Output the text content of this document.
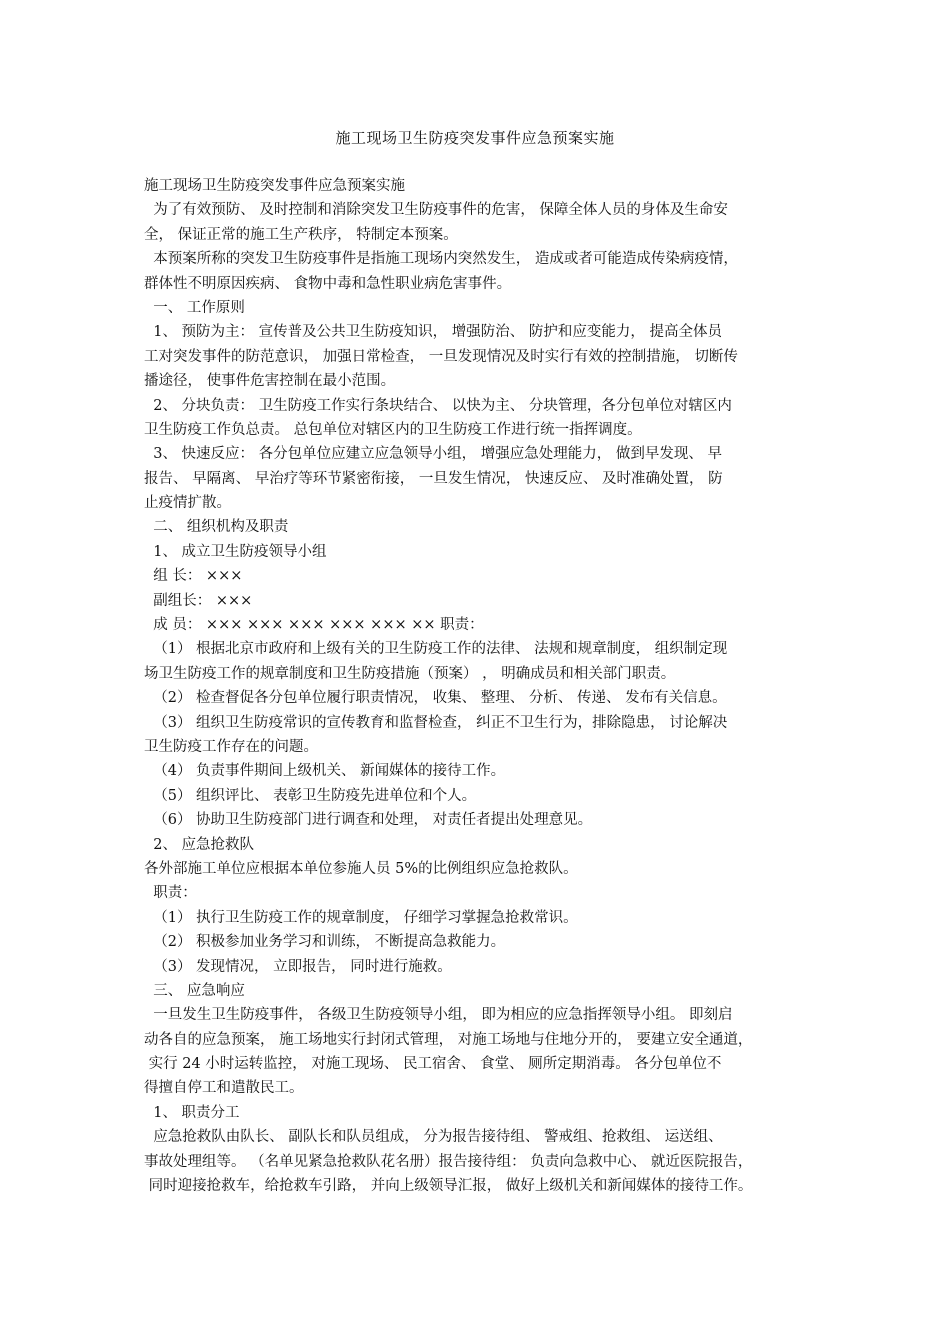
施工现场卫生防疫突发事件应急预案实施
施工现场卫生防疫突发事件应急预案实施
为了有效预防、 及时控制和消除突发卫生防疫事件的危害， 保障全体人员的身体及生命安
全， 保证正常的施工生产秩序， 特制定本预案。
本预案所称的突发卫生防疫事件是指施工现场内突然发生， 造成或者可能造成传染病疫情，
群体性不明原因疾病、 食物中毒和急性职业病危害事件。
一、 工作原则
1、 预防为主： 宣传普及公共卫生防疫知识， 增强防治、 防护和应变能力， 提高全体员
工对突发事件的防范意识， 加强日常检查， 一旦发现情况及时实行有效的控制措施， 切断传
播途径， 使事件危害控制在最小范围。
2、 分块负责： 卫生防疫工作实行条块结合、 以快为主、 分块管理，各分包单位对辖区内
卫生防疫工作负总责。 总包单位对辖区内的卫生防疫工作进行统一指挥调度。
3、 快速反应： 各分包单位应建立应急领导小组， 增强应急处理能力， 做到早发现、 早
报告、 早隔离、 早治疗等环节紧密衔接， 一旦发生情况， 快速反应、 及时准确处置， 防
止疫情扩散。
二、 组织机构及职责
1、 成立卫生防疫领导小组
组 长： ×××
副组长： ×××
成 员： ××× ××× ××× ××× ××× ×× 职责：
（1） 根据北京市政府和上级有关的卫生防疫工作的法律、 法规和规章制度， 组织制定现
场卫生防疫工作的规章制度和卫生防疫措施（预案） ， 明确成员和相关部门职责。
（2） 检查督促各分包单位履行职责情况， 收集、 整理、 分析、 传递、 发布有关信息。
（3） 组织卫生防疫常识的宣传教育和监督检查， 纠正不卫生行为，排除隐患， 讨论解决
卫生防疫工作存在的问题。
（4） 负责事件期间上级机关、 新闻媒体的接待工作。
（5） 组织评比、 表彰卫生防疫先进单位和个人。
（6） 协助卫生防疫部门进行调查和处理， 对责任者提出处理意见。
2、 应急抢救队
各外部施工单位应根据本单位参施人员 5%的比例组织应急抢救队。
职责：
（1） 执行卫生防疫工作的规章制度， 仔细学习掌握急抢救常识。
（2） 积极参加业务学习和训练， 不断提高急救能力。
（3） 发现情况， 立即报告， 同时进行施救。
三、 应急响应
一旦发生卫生防疫事件， 各级卫生防疫领导小组， 即为相应的应急指挥领导小组。 即刻启
动各自的应急预案， 施工场地实行封闭式管理， 对施工场地与住地分开的， 要建立安全通道，
实行 24 小时运转监控， 对施工现场、 民工宿舍、 食堂、 厕所定期消毒。 各分包单位不
得擅自停工和遣散民工。
1、 职责分工
应急抢救队由队长、 副队长和队员组成， 分为报告接待组、 警戒组、抢救组、 运送组、
事故处理组等。 （名单见紧急抢救队花名册）报告接待组： 负责向急救中心、 就近医院报告，
同时迎接抢救车，给抢救车引路， 并向上级领导汇报， 做好上级机关和新闻媒体的接待工作。
